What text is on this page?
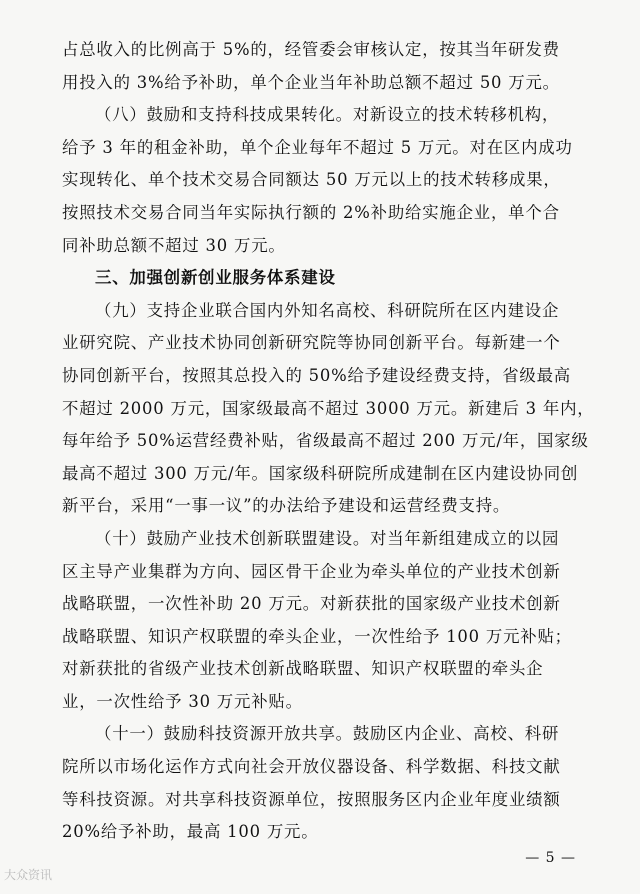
占总收入的比例高于 5%的，经管委会审核认定，按其当年研发费
用投入的 3%给予补助，单个企业当年补助总额不超过 50 万元。
（八）鼓励和支持科技成果转化。对新设立的技术转移机构，
给予 3 年的租金补助，单个企业每年不超过 5 万元。对在区内成功
实现转化、单个技术交易合同额达 50 万元以上的技术转移成果，
按照技术交易合同当年实际执行额的 2%补助给实施企业，单个合
同补助总额不超过 30 万元。
三、加强创新创业服务体系建设
（九）支持企业联合国内外知名高校、科研院所在区内建设企
业研究院、产业技术协同创新研究院等协同创新平台。每新建一个
协同创新平台，按照其总投入的 50%给予建设经费支持，省级最高
不超过 2000 万元，国家级最高不超过 3000 万元。新建后 3 年内，
每年给予 50%运营经费补贴，省级最高不超过 200 万元/年，国家级
最高不超过 300 万元/年。国家级科研院所成建制在区内建设协同创
新平台，采用“一事一议”的办法给予建设和运营经费支持。
（十）鼓励产业技术创新联盟建设。对当年新组建成立的以园
区主导产业集群为方向、园区骨干企业为牵头单位的产业技术创新
战略联盟，一次性补助 20 万元。对新获批的国家级产业技术创新
战略联盟、知识产权联盟的牵头企业，一次性给予 100 万元补贴；
对新获批的省级产业技术创新战略联盟、知识产权联盟的牵头企
业，一次性给予 30 万元补贴。
（十一）鼓励科技资源开放共享。鼓励区内企业、高校、科研
院所以市场化运作方式向社会开放仪器设备、科学数据、科技文献
等科技资源。对共享科技资源单位，按照服务区内企业年度业绩额
20%给予补助，最高 100 万元。
— 5 —
大众资讯
